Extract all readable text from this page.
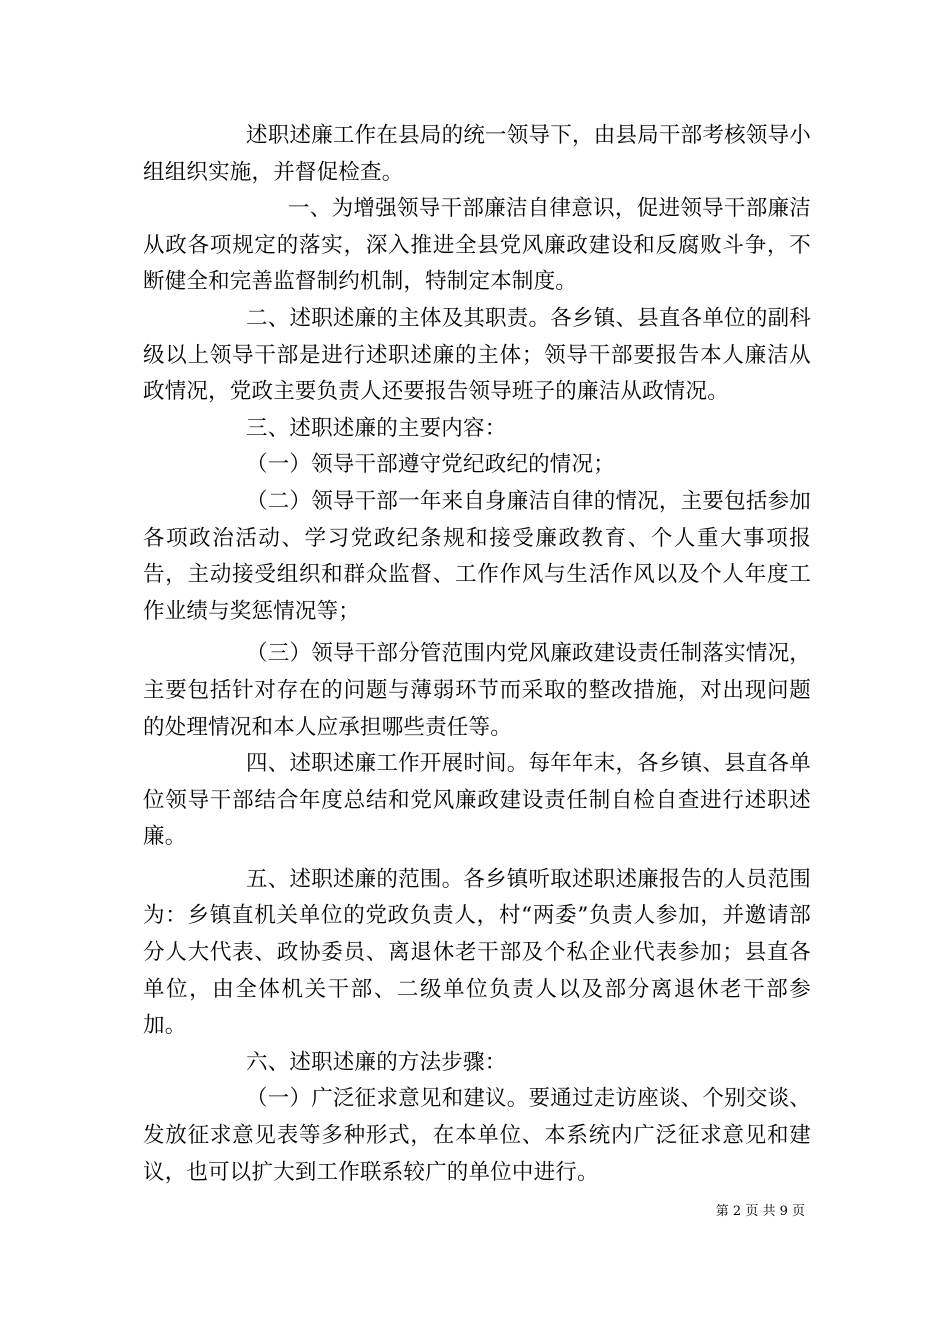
述职述廉工作在县局的统一领导下，由县局干部考核领导小组组织实施，并督促检查。

一、为增强领导干部廉洁自律意识，促进领导干部廉洁从政各项规定的落实，深入推进全县党风廉政建设和反腐败斗争，不断健全和完善监督制约机制，特制定本制度。

二、述职述廉的主体及其职责。各乡镇、县直各单位的副科级以上领导干部是进行述职述廉的主体；领导干部要报告本人廉洁从政情况，党政主要负责人还要报告领导班子的廉洁从政情况。

三、述职述廉的主要内容：

（一）领导干部遵守党纪政纪的情况；

（二）领导干部一年来自身廉洁自律的情况，主要包括参加各项政治活动、学习党政纪条规和接受廉政教育、个人重大事项报告，主动接受组织和群众监督、工作作风与生活作风以及个人年度工作业绩与奖惩情况等；

（三）领导干部分管范围内党风廉政建设责任制落实情况，主要包括针对存在的问题与薄弱环节而采取的整改措施，对出现问题的处理情况和本人应承担哪些责任等。

四、述职述廉工作开展时间。每年年末，各乡镇、县直各单位领导干部结合年度总结和党风廉政建设责任制自检自查进行述职述廉。

五、述职述廉的范围。各乡镇听取述职述廉报告的人员范围为：乡镇直机关单位的党政负责人，村“两委”负责人参加，并邀请部分人大代表、政协委员、离退休老干部及个私企业代表参加；县直各单位，由全体机关干部、二级单位负责人以及部分离退休老干部参加。

六、述职述廉的方法步骤：

（一）广泛征求意见和建议。要通过走访座谈、个别交谈、发放征求意见表等多种形式，在本单位、本系统内广泛征求意见和建议，也可以扩大到工作联系较广的单位中进行。

第 2 页 共 9 页
